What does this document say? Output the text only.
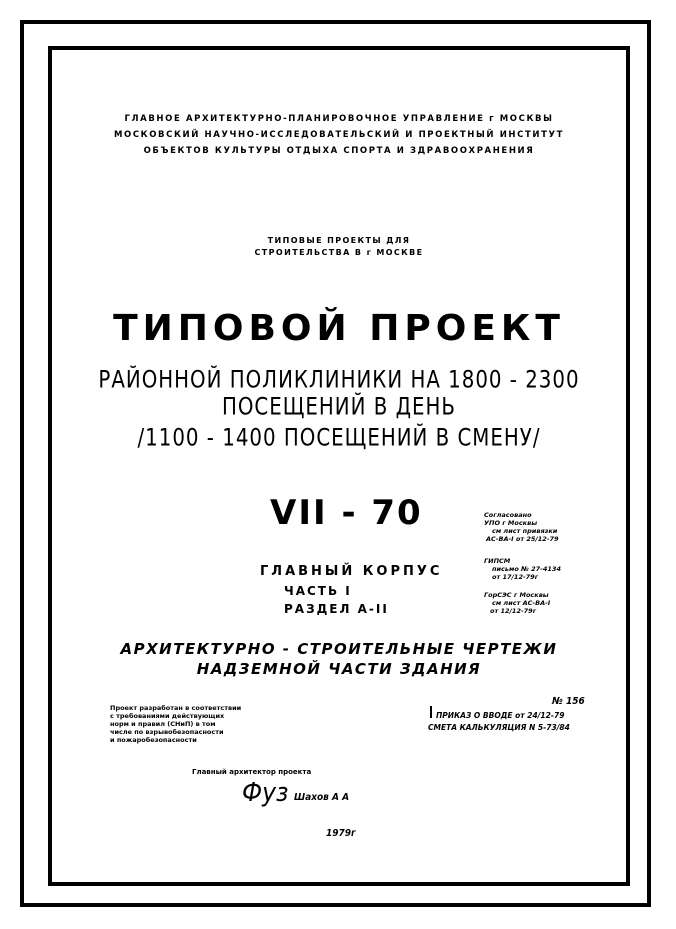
ГЛАВНОЕ АРХИТЕКТУРНО-ПЛАНИРОВОЧНОЕ УПРАВЛЕНИЕ г МОСКВЫ
МОСКОВСКИЙ НАУЧНО-ИССЛЕДОВАТЕЛЬСКИЙ И ПРОЕКТНЫЙ ИНСТИТУТ
ОБЪЕКТОВ КУЛЬТУРЫ ОТДЫХА СПОРТА И ЗДРАВООХРАНЕНИЯ
ТИПОВЫЕ ПРОЕКТЫ ДЛЯ
СТРОИТЕЛЬСТВА В г МОСКВЕ
ТИПОВОЙ ПРОЕКТ
РАЙОННОЙ ПОЛИКЛИНИКИ НА 1800 - 2300
ПОСЕЩЕНИЙ В ДЕНЬ
/1100 - 1400 ПОСЕЩЕНИЙ В СМЕНУ/
VII - 70	Согласовано
УПО г Москвы
см лист привязки
АС-ВА-I от 25/12-79
ГИПСМ
письмо № 27-4134
от 17/12-79г
ГорСЭС г Москвы
см лист АС-ВА-I
от 12/12-79г
ГЛАВНЫЙ КОРПУС
ЧАСТЬ I
РАЗДЕЛ А-II
АРХИТЕКТУРНО - СТРОИТЕЛЬНЫЕ ЧЕРТЕЖИ
НАДЗЕМНОЙ ЧАСТИ ЗДАНИЯ
Проект разработан в соответствии
с требованиями действующих
норм и правил (СНиП) в том
числе по взрывобезопасности
и пожаробезопасности
№ 156
ПРИКАЗ О ВВОДЕ от 24/12-79
СМЕТА КАЛЬКУЛЯЦИЯ N 5-73/84
Главный архитектор проекта
Фуз Шахов А А
1979г
